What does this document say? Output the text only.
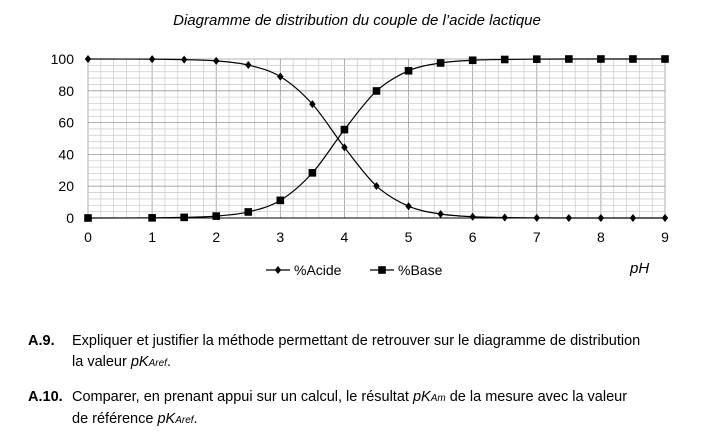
Diagramme de distribution du couple de l’acide lactique
0	1	2	3	4	5	6	7	8	9
0
20
40
60
80
100
%Acide	%Base	pH
A.9. Expliquer et justifier la méthode permettant de retrouver sur le diagramme de distribution
la valeur pKAref.
A.10. Comparer, en prenant appui sur un calcul, le résultat pKAm de la mesure avec la valeur
de référence pKAref.
